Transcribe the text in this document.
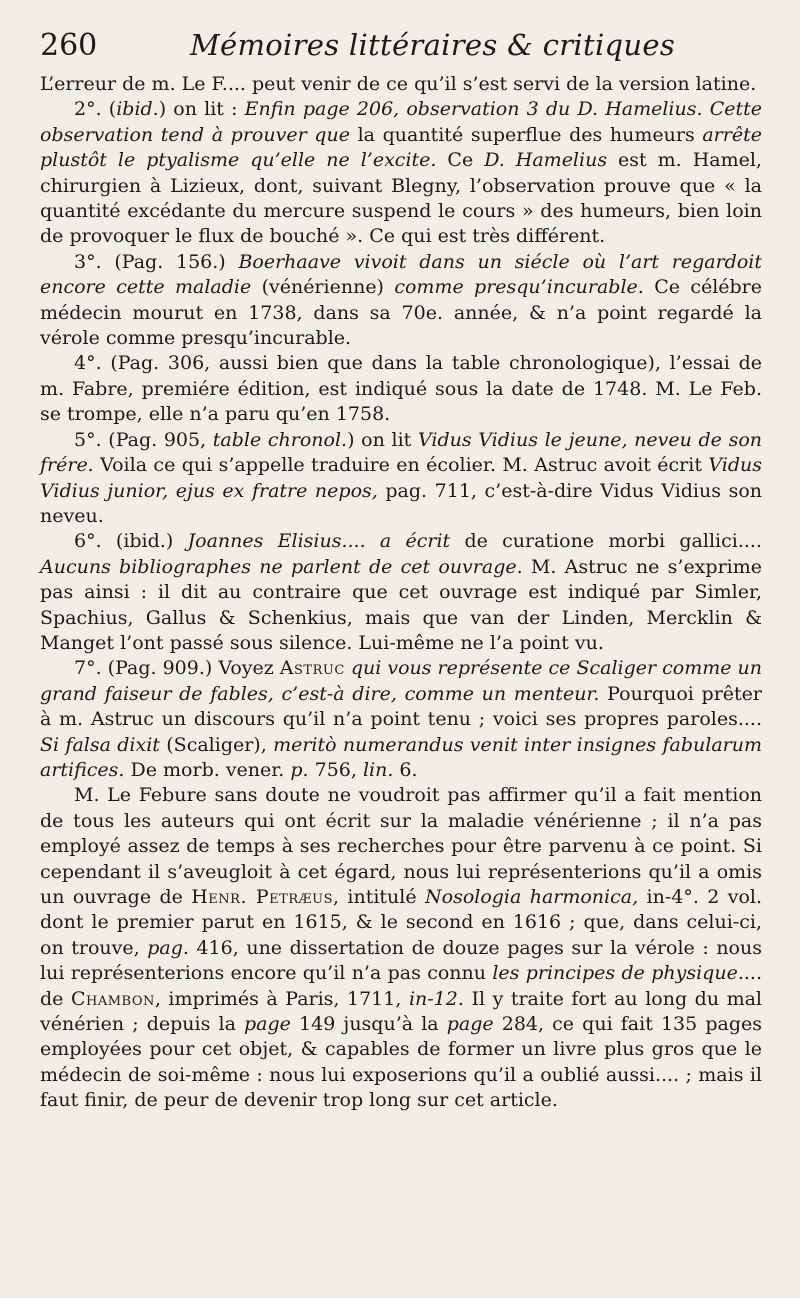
260	Mémoires littéraires & critiques

L’erreur de m. Le F.... peut venir de ce qu’il s’est servi de la version latine.

2°. (ibid.) on lit : Enfin page 206, observation 3 du D. Hamelius. Cette observation tend à prouver que la quantité superflue des humeurs arrête plustôt le ptyalisme qu’elle ne l’excite. Ce D. Hamelius est m. Hamel, chirurgien à Lizieux, dont, suivant Blegny, l’observation prouve que « la quantité excédante du mercure suspend le cours » des humeurs, bien loin de provoquer le flux de bouché ». Ce qui est très différent.

3°. (Pag. 156.) Boerhaave vivoit dans un siécle où l’art regardoit encore cette maladie (vénérienne) comme presqu’incurable. Ce célébre médecin mourut en 1738, dans sa 70e. année, & n’a point regardé la vérole comme presqu’incurable.

4°. (Pag. 306, aussi bien que dans la table chronologique), l’essai de m. Fabre, premiére édition, est indiqué sous la date de 1748. M. Le Feb. se trompe, elle n’a paru qu’en 1758.

5°. (Pag. 905, table chronol.) on lit Vidus Vidius le jeune, neveu de son frére. Voila ce qui s’appelle traduire en écolier. M. Astruc avoit écrit Vidus Vidius junior, ejus ex fratre nepos, pag. 711, c’est-à-dire Vidus Vidius son neveu.

6°. (ibid.) Joannes Elisius.... a écrit de curatione morbi gallici.... Aucuns bibliographes ne parlent de cet ouvrage. M. Astruc ne s’exprime pas ainsi : il dit au contraire que cet ouvrage est indiqué par Simler, Spachius, Gallus & Schenkius, mais que van der Linden, Mercklin & Manget l’ont passé sous silence. Lui-même ne l’a point vu.

7°. (Pag. 909.) Voyez Astruc qui vous représente ce Scaliger comme un grand faiseur de fables, c’est-à dire, comme un menteur. Pourquoi prêter à m. Astruc un discours qu’il n’a point tenu ; voici ses propres paroles.... Si falsa dixit (Scaliger), meritò numerandus venit inter insignes fabularum artifices. De morb. vener. p. 756, lin. 6.

M. Le Febure sans doute ne voudroit pas affirmer qu’il a fait mention de tous les auteurs qui ont écrit sur la maladie vénérienne ; il n’a pas employé assez de temps à ses recherches pour être parvenu à ce point. Si cependant il s’aveugloit à cet égard, nous lui représenterions qu’il a omis un ouvrage de Henr. Petræus, intitulé Nosologia harmonica, in-4°. 2 vol. dont le premier parut en 1615, & le second en 1616 ; que, dans celui-ci, on trouve, pag. 416, une dissertation de douze pages sur la vérole : nous lui représenterions encore qu’il n’a pas connu les principes de physique.... de Chambon, imprimés à Paris, 1711, in-12. Il y traite fort au long du mal vénérien ; depuis la page 149 jusqu’à la page 284, ce qui fait 135 pages employées pour cet objet, & capables de former un livre plus gros que le médecin de soi-même : nous lui exposerions qu’il a oublié aussi.... ; mais il faut finir, de peur de devenir trop long sur cet article.
